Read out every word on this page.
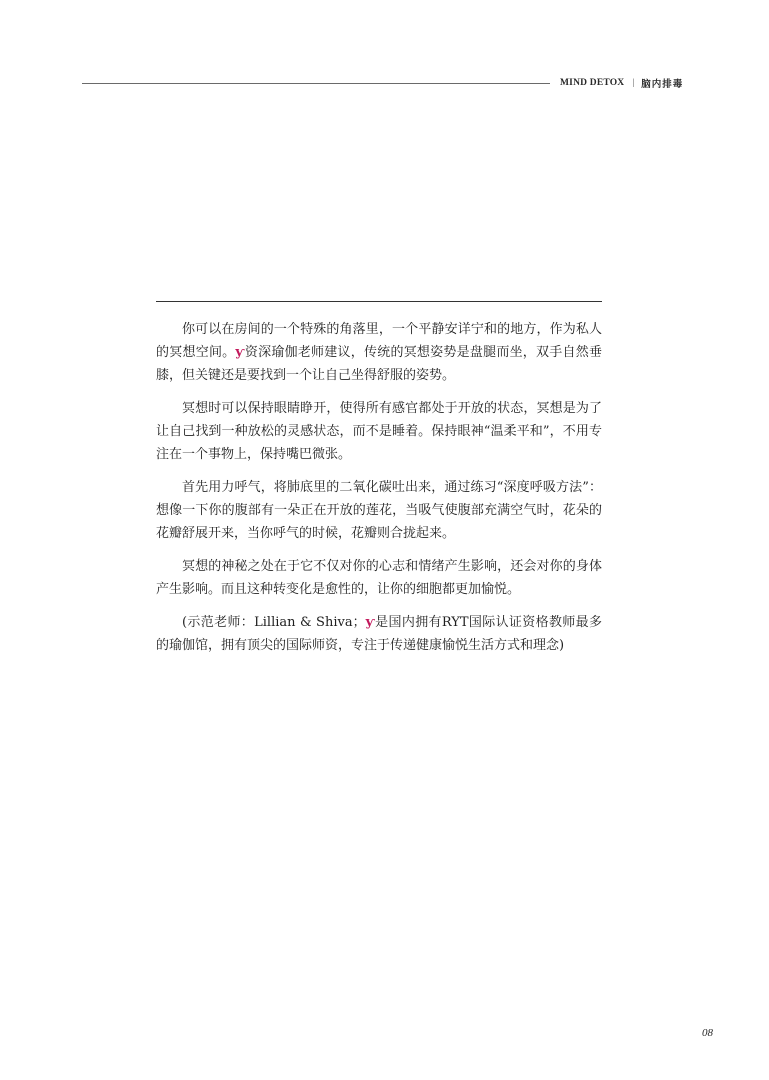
MIND DETOX | 脑内排毒

你可以在房间的一个特殊的角落里，一个平静安详宁和的地方，作为私人的冥想空间。ƴ资深瑜伽老师建议，传统的冥想姿势是盘腿而坐，双手自然垂膝，但关键还是要找到一个让自己坐得舒服的姿势。

冥想时可以保持眼睛睁开，使得所有感官都处于开放的状态，冥想是为了让自己找到一种放松的灵感状态，而不是睡着。保持眼神“温柔平和”，不用专注在一个事物上，保持嘴巴微张。

首先用力呼气，将肺底里的二氧化碳吐出来，通过练习“深度呼吸方法”：想像一下你的腹部有一朵正在开放的莲花，当吸气使腹部充满空气时，花朵的花瓣舒展开来，当你呼气的时候，花瓣则合拢起来。

冥想的神秘之处在于它不仅对你的心志和情绪产生影响，还会对你的身体产生影响。而且这种转变化是愈性的，让你的细胞都更加愉悦。

(示范老师：Lillian & Shiva；ƴ是国内拥有RYT国际认证资格教师最多的瑜伽馆，拥有顶尖的国际师资，专注于传递健康愉悦生活方式和理念)

08
